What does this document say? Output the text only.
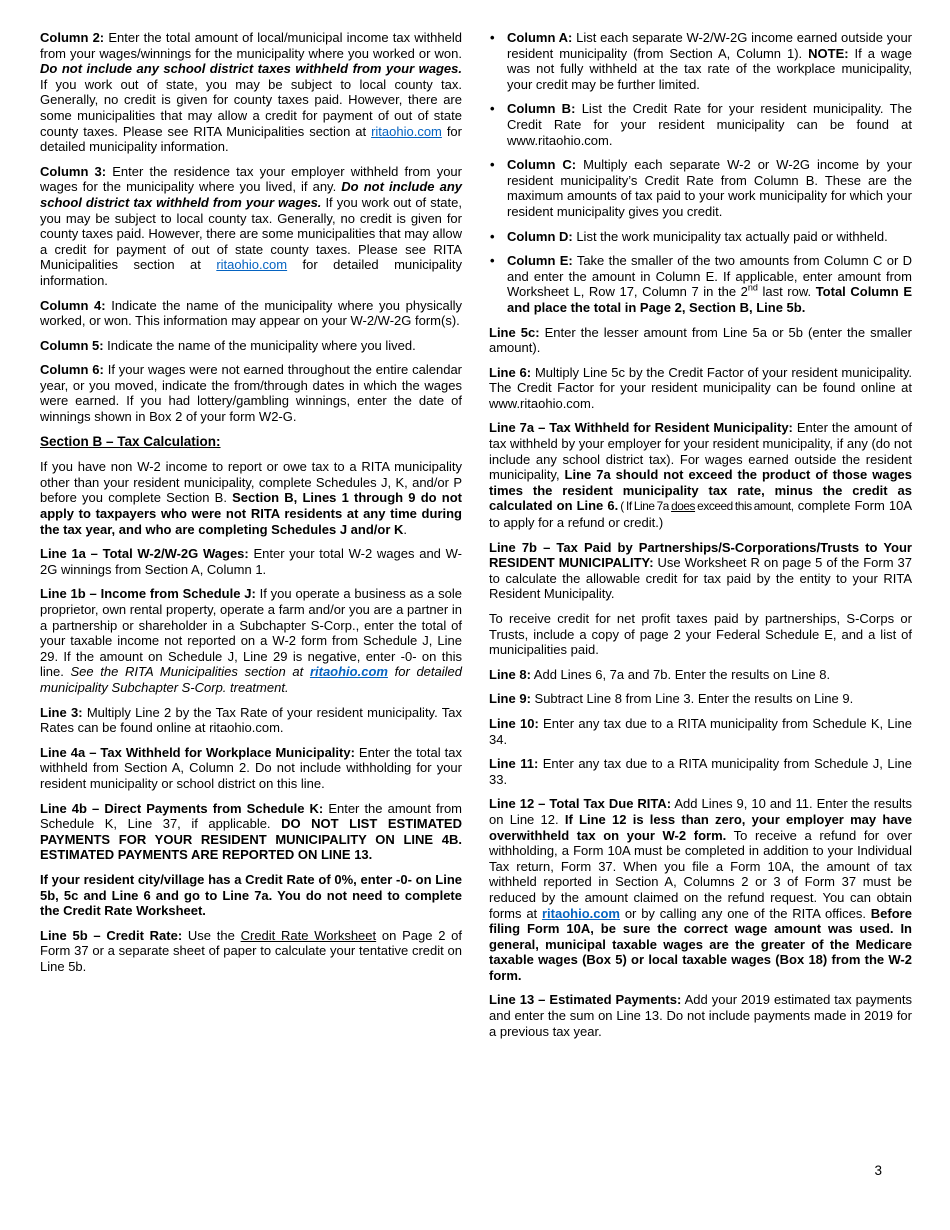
Column 2: Enter the total amount of local/municipal income tax withheld from your wages/winnings for the municipality where you worked or won. Do not include any school district taxes withheld from your wages. If you work out of state, you may be subject to local county tax. Generally, no credit is given for county taxes paid. However, there are some municipalities that may allow a credit for payment of out of state county taxes. Please see RITA Municipalities section at ritaohio.com for detailed municipality information.
Column 3: Enter the residence tax your employer withheld from your wages for the municipality where you lived, if any. Do not include any school district tax withheld from your wages. If you work out of state, you may be subject to local county tax. Generally, no credit is given for county taxes paid. However, there are some municipalities that may allow a credit for payment of out of state county taxes. Please see RITA Municipalities section at ritaohio.com for detailed municipality information.
Column 4: Indicate the name of the municipality where you physically worked, or won. This information may appear on your W-2/W-2G form(s).
Column 5: Indicate the name of the municipality where you lived.
Column 6: If your wages were not earned throughout the entire calendar year, or you moved, indicate the from/through dates in which the wages were earned. If you had lottery/gambling winnings, enter the date of winnings shown in Box 2 of your form W2-G.
Section B – Tax Calculation:
If you have non W-2 income to report or owe tax to a RITA municipality other than your resident municipality, complete Schedules J, K, and/or P before you complete Section B. Section B, Lines 1 through 9 do not apply to taxpayers who were not RITA residents at any time during the tax year, and who are completing Schedules J and/or K.
Line 1a – Total W-2/W-2G Wages: Enter your total W-2 wages and W-2G winnings from Section A, Column 1.
Line 1b – Income from Schedule J: If you operate a business as a sole proprietor, own rental property, operate a farm and/or you are a partner in a partnership or shareholder in a Subchapter S-Corp., enter the total of your taxable income not reported on a W-2 form from Schedule J, Line 29. If the amount on Schedule J, Line 29 is negative, enter -0- on this line. See the RITA Municipalities section at ritaohio.com for detailed municipality Subchapter S-Corp. treatment.
Line 3: Multiply Line 2 by the Tax Rate of your resident municipality. Tax Rates can be found online at ritaohio.com.
Line 4a – Tax Withheld for Workplace Municipality: Enter the total tax withheld from Section A, Column 2. Do not include withholding for your resident municipality or school district on this line.
Line 4b – Direct Payments from Schedule K: Enter the amount from Schedule K, Line 37, if applicable. DO NOT LIST ESTIMATED PAYMENTS FOR YOUR RESIDENT MUNICIPALITY ON LINE 4B. ESTIMATED PAYMENTS ARE REPORTED ON LINE 13.
If your resident city/village has a Credit Rate of 0%, enter -0- on Line 5b, 5c and Line 6 and go to Line 7a. You do not need to complete the Credit Rate Worksheet.
Line 5b – Credit Rate: Use the Credit Rate Worksheet on Page 2 of Form 37 or a separate sheet of paper to calculate your tentative credit on Line 5b.
• Column A: List each separate W-2/W-2G income earned outside your resident municipality (from Section A, Column 1). NOTE: If a wage was not fully withheld at the tax rate of the workplace municipality, your credit may be further limited.
• Column B: List the Credit Rate for your resident municipality. The Credit Rate for your resident municipality can be found at www.ritaohio.com.
• Column C: Multiply each separate W-2 or W-2G income by your resident municipality’s Credit Rate from Column B. These are the maximum amounts of tax paid to your work municipality for which your resident municipality gives you credit.
• Column D: List the work municipality tax actually paid or withheld.
• Column E: Take the smaller of the two amounts from Column C or D and enter the amount in Column E. If applicable, enter amount from Worksheet L, Row 17, Column 7 in the 2nd last row. Total Column E and place the total in Page 2, Section B, Line 5b.
Line 5c: Enter the lesser amount from Line 5a or 5b (enter the smaller amount).
Line 6: Multiply Line 5c by the Credit Factor of your resident municipality. The Credit Factor for your resident municipality can be found online at www.ritaohio.com.
Line 7a – Tax Withheld for Resident Municipality: Enter the amount of tax withheld by your employer for your resident municipality, if any (do not include any school district tax). For wages earned outside the resident municipality, Line 7a should not exceed the product of those wages times the resident municipality tax rate, minus the credit as calculated on Line 6. ( If Line 7a does exceed this amount, complete Form 10A to apply for a refund or credit.)
Line 7b – Tax Paid by Partnerships/S-Corporations/Trusts to Your RESIDENT MUNICIPALITY: Use Worksheet R on page 5 of the Form 37 to calculate the allowable credit for tax paid by the entity to your RITA Resident Municipality.
To receive credit for net profit taxes paid by partnerships, S-Corps or Trusts, include a copy of page 2 your Federal Schedule E, and a list of municipalities paid.
Line 8: Add Lines 6, 7a and 7b. Enter the results on Line 8.
Line 9: Subtract Line 8 from Line 3. Enter the results on Line 9.
Line 10: Enter any tax due to a RITA municipality from Schedule K, Line 34.
Line 11: Enter any tax due to a RITA municipality from Schedule J, Line 33.
Line 12 – Total Tax Due RITA: Add Lines 9, 10 and 11. Enter the results on Line 12. If Line 12 is less than zero, your employer may have overwithheld tax on your W-2 form. To receive a refund for over withholding, a Form 10A must be completed in addition to your Individual Tax return, Form 37. When you file a Form 10A, the amount of tax withheld reported in Section A, Columns 2 or 3 of Form 37 must be reduced by the amount claimed on the refund request. You can obtain forms at ritaohio.com or by calling any one of the RITA offices. Before filing Form 10A, be sure the correct wage amount was used. In general, municipal taxable wages are the greater of the Medicare taxable wages (Box 5) or local taxable wages (Box 18) from the W-2 form.
Line 13 – Estimated Payments: Add your 2019 estimated tax payments and enter the sum on Line 13. Do not include payments made in 2019 for a previous tax year.
3
